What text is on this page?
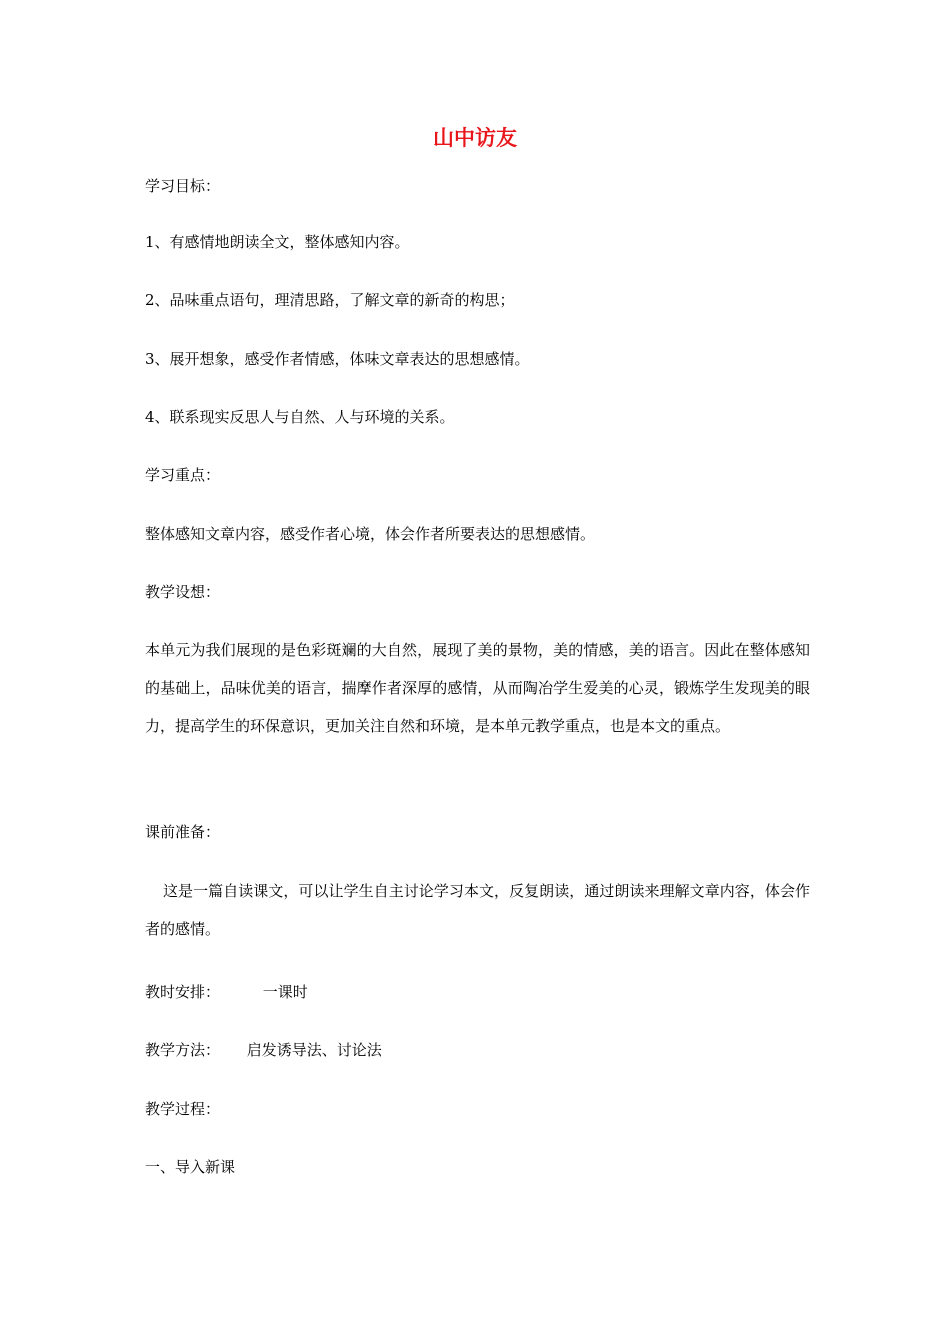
山中访友
学习目标：
1、有感情地朗读全文，整体感知内容。
2、品味重点语句，理清思路，了解文章的新奇的构思；
3、展开想象，感受作者情感，体味文章表达的思想感情。
4、联系现实反思人与自然、人与环境的关系。
学习重点：
整体感知文章内容，感受作者心境，体会作者所要表达的思想感情。
教学设想：
本单元为我们展现的是色彩斑斓的大自然，展现了美的景物，美的情感，美的语言。因此在整体感知的基础上，品味优美的语言，揣摩作者深厚的感情，从而陶冶学生爱美的心灵，锻炼学生发现美的眼力，提高学生的环保意识，更加关注自然和环境，是本单元教学重点，也是本文的重点。
课前准备：
这是一篇自读课文，可以让学生自主讨论学习本文，反复朗读，通过朗读来理解文章内容，体会作者的感情。
教时安排：	一课时
教学方法： 启发诱导法、讨论法
教学过程：
一、导入新课
